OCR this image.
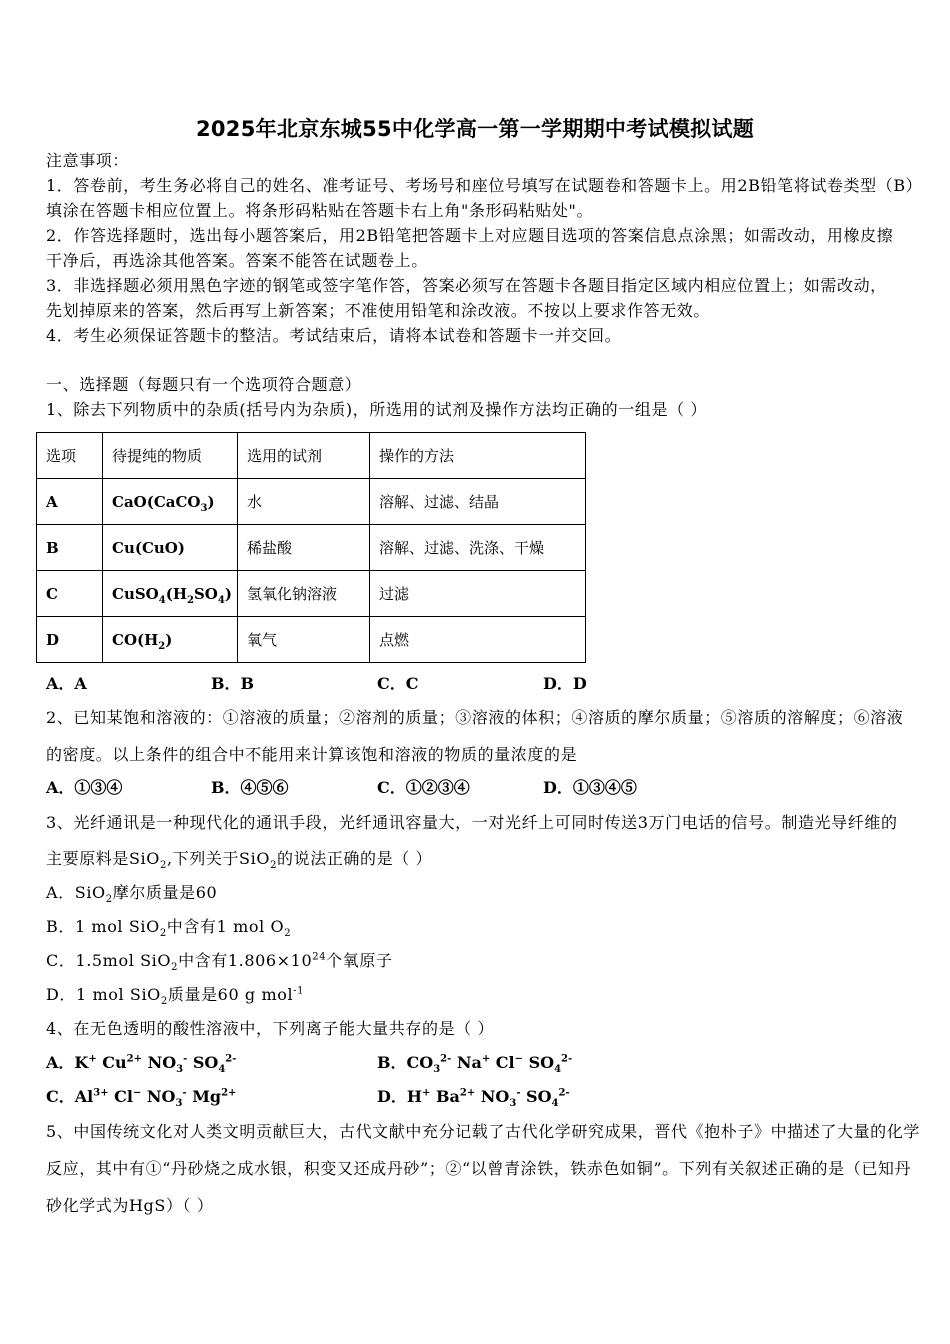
2025年北京东城55中化学高一第一学期期中考试模拟试题
注意事项：
1．答卷前，考生务必将自己的姓名、准考证号、考场号和座位号填写在试题卷和答题卡上。用2B铅笔将试卷类型（B）
填涂在答题卡相应位置上。将条形码粘贴在答题卡右上角"条形码粘贴处"。
2．作答选择题时，选出每小题答案后，用2B铅笔把答题卡上对应题目选项的答案信息点涂黑；如需改动，用橡皮擦
干净后，再选涂其他答案。答案不能答在试题卷上。
3．非选择题必须用黑色字迹的钢笔或签字笔作答，答案必须写在答题卡各题目指定区域内相应位置上；如需改动，
先划掉原来的答案，然后再写上新答案；不准使用铅笔和涂改液。不按以上要求作答无效。
4．考生必须保证答题卡的整洁。考试结束后，请将本试卷和答题卡一并交回。
一、选择题（每题只有一个选项符合题意）
1、除去下列物质中的杂质(括号内为杂质)，所选用的试剂及操作方法均正确的一组是（ ）
选项	待提纯的物质	选用的试剂	操作的方法
A	CaO(CaCO$_3$)	水	溶解、过滤、结晶
B	Cu(CuO)	稀盐酸	溶解、过滤、洗涤、干燥
C	$CuSO_4(H_2SO_4)$	氢氧化钠溶液	过滤
D	$CO(H_2)$	氧气	点燃
A．A	B．B	C．C	D．D
2、已知某饱和溶液的：①溶液的质量；②溶剂的质量；③溶液的体积；④溶质的摩尔质量；⑤溶质的溶解度；⑥溶液
的密度。以上条件的组合中不能用来计算该饱和溶液的物质的量浓度的是
A．①③④	B．④⑤⑥	C．①②③④	D．①③④⑤
3、光纤通讯是一种现代化的通讯手段，光纤通讯容量大，一对光纤上可同时传送3万门电话的信号。制造光导纤维的
主要原料是SiO$_2$,下列关于SiO$_2$的说法正确的是（ ）
A．SiO$_2$摩尔质量是60
B．1 mol SiO$_2$中含有1 mol $O_2$
C．1.5mol SiO$_2$中含有$1.806\times 10^{24}$个氧原子
D．1 mol SiO$_2$质量是60 g mol$^{-1}$
4、在无色透明的酸性溶液中，下列离子能大量共存的是（ ）
A．K+ $Cu^{2+}$ $NO_3^-$ $SO_4^{2-}$	B．$CO_3^{2-}$ Na+ Cl− $SO_4^{2-}$
C．$Al^{3+}$ Cl− $NO_3^-$ $Mg^{2+}$	D．H+ $Ba^{2+}$ $NO_3^-$ $SO_4^{2-}$
5、中国传统文化对人类文明贡献巨大，古代文献中充分记载了古代化学研究成果，晋代《抱朴子》中描述了大量的化学
反应，其中有①“丹砂烧之成水银，积变又还成丹砂”；②“以曾青涂铁，铁赤色如铜”。下列有关叙述正确的是（已知丹
砂化学式为HgS）（ ）
